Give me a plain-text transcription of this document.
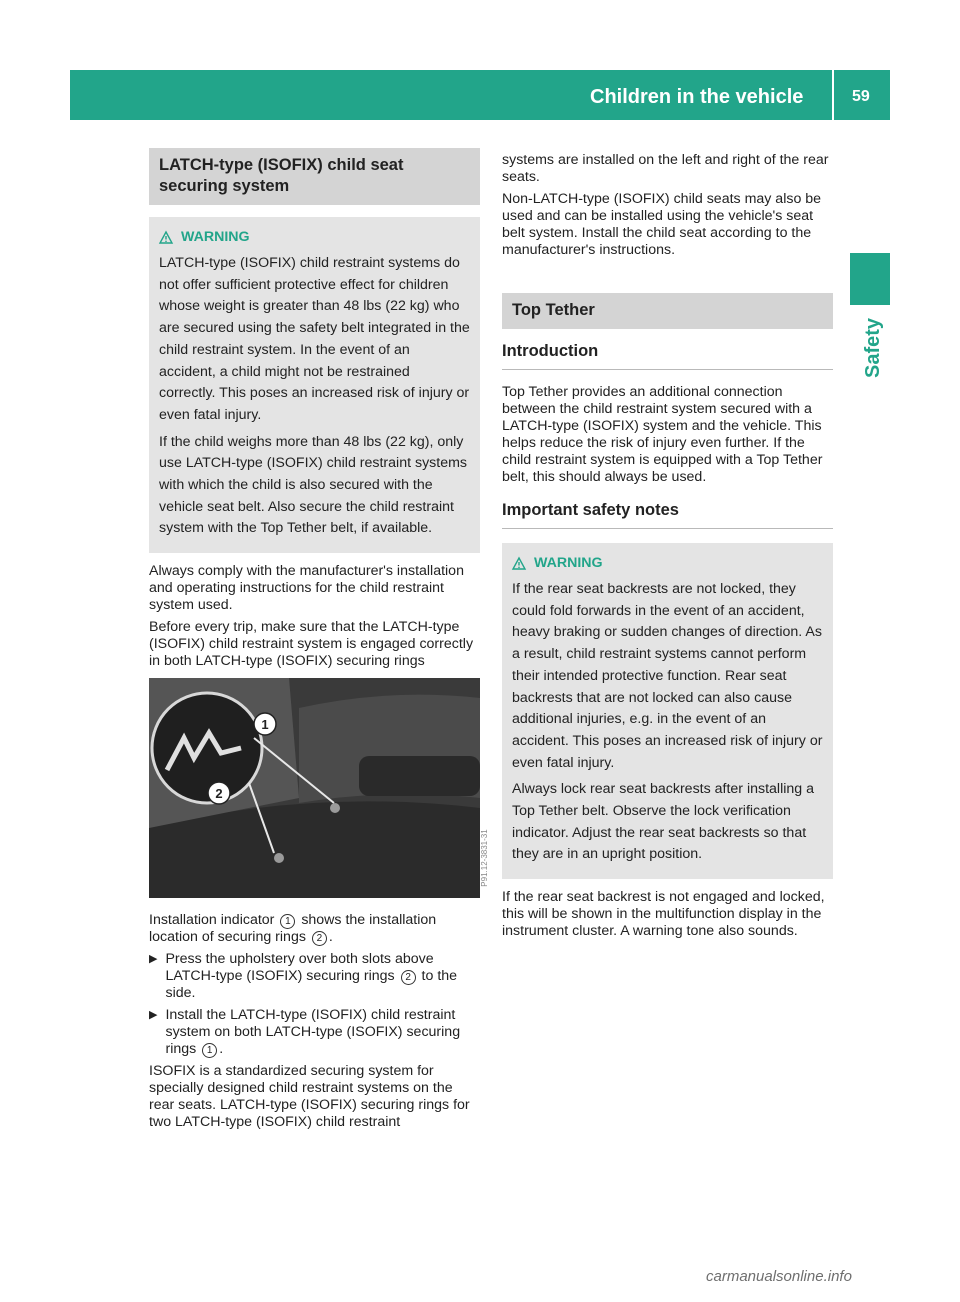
Children in the vehicle	59
Safety
LATCH-type (ISOFIX) child seat securing system
WARNING

LATCH-type (ISOFIX) child restraint systems do not offer sufficient protective effect for children whose weight is greater than 48 lbs (22 kg) who are secured using the safety belt integrated in the child restraint system. In the event of an accident, a child might not be restrained correctly. This poses an increased risk of injury or even fatal injury.

If the child weighs more than 48 lbs (22 kg), only use LATCH-type (ISOFIX) child restraint systems with which the child is also secured with the vehicle seat belt. Also secure the child restraint system with the Top Tether belt, if available.

Always comply with the manufacturer's installation and operating instructions for the child restraint system used.

Before every trip, make sure that the LATCH-type (ISOFIX) child restraint system is engaged correctly in both LATCH-type (ISOFIX) securing rings

1
2
P91.12-3831-31

Installation indicator 1 shows the installation location of securing rings 2 .

▶ Press the upholstery over both slots above LATCH-type (ISOFIX) securing rings 2 to the side.
▶ Install the LATCH-type (ISOFIX) child restraint system on both LATCH-type (ISOFIX) securing rings 1 .

ISOFIX is a standardized securing system for specially designed child restraint systems on the rear seats. LATCH-type (ISOFIX) securing rings for two LATCH-type (ISOFIX) child restraint

systems are installed on the left and right of the rear seats.

Non-LATCH-type (ISOFIX) child seats may also be used and can be installed using the vehicle's seat belt system. Install the child seat according to the manufacturer's instructions.

Top Tether
Introduction

Top Tether provides an additional connection between the child restraint system secured with a LATCH-type (ISOFIX) system and the vehicle. This helps reduce the risk of injury even further. If the child restraint system is equipped with a Top Tether belt, this should always be used.

Important safety notes
WARNING

If the rear seat backrests are not locked, they could fold forwards in the event of an accident, heavy braking or sudden changes of direction. As a result, child restraint systems cannot perform their intended protective function. Rear seat backrests that are not locked can also cause additional injuries, e.g. in the event of an accident. This poses an increased risk of injury or even fatal injury.

Always lock rear seat backrests after installing a Top Tether belt. Observe the lock verification indicator. Adjust the rear seat backrests so that they are in an upright position.

If the rear seat backrest is not engaged and locked, this will be shown in the multifunction display in the instrument cluster. A warning tone also sounds.

carmanualsonline.info
